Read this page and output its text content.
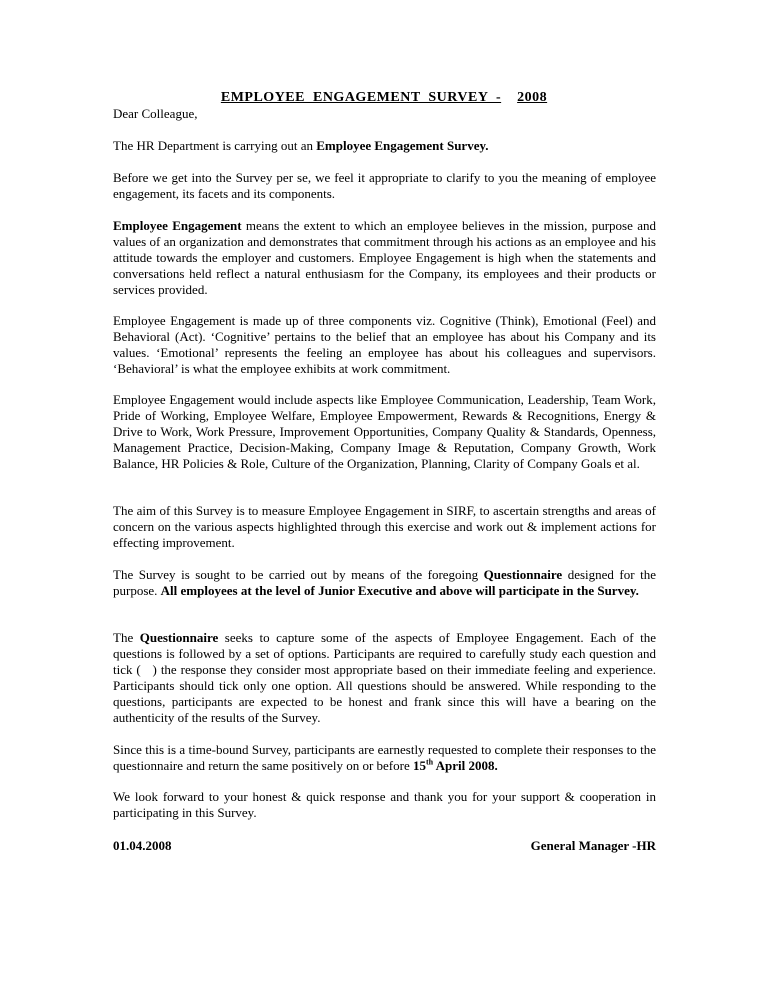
EMPLOYEE ENGAGEMENT SURVEY - 2008
Dear Colleague,
The HR Department is carrying out an Employee Engagement Survey.
Before we get into the Survey per se, we feel it appropriate to clarify to you the meaning of employee engagement, its facets and its components.
Employee Engagement means the extent to which an employee believes in the mission, purpose and values of an organization and demonstrates that commitment through his actions as an employee and his attitude towards the employer and customers. Employee Engagement is high when the statements and conversations held reflect a natural enthusiasm for the Company, its employees and their products or services provided.
Employee Engagement is made up of three components viz. Cognitive (Think), Emotional (Feel) and Behavioral (Act). ‘Cognitive’ pertains to the belief that an employee has about his Company and its values. ‘Emotional’ represents the feeling an employee has about his colleagues and supervisors. ‘Behavioral’ is what the employee exhibits at work commitment.
Employee Engagement would include aspects like Employee Communication, Leadership, Team Work, Pride of Working, Employee Welfare, Employee Empowerment, Rewards & Recognitions, Energy & Drive to Work, Work Pressure, Improvement Opportunities, Company Quality & Standards, Openness, Management Practice, Decision-Making, Company Image & Reputation, Company Growth, Work Balance, HR Policies & Role, Culture of the Organization, Planning, Clarity of Company Goals et al.
The aim of this Survey is to measure Employee Engagement in SIRF, to ascertain strengths and areas of concern on the various aspects highlighted through this exercise and work out & implement actions for effecting improvement.
The Survey is sought to be carried out by means of the foregoing Questionnaire designed for the purpose. All employees at the level of Junior Executive and above will participate in the Survey.
The Questionnaire seeks to capture some of the aspects of Employee Engagement. Each of the questions is followed by a set of options. Participants are required to carefully study each question and tick (   ) the response they consider most appropriate based on their immediate feeling and experience. Participants should tick only one option. All questions should be answered. While responding to the questions, participants are expected to be honest and frank since this will have a bearing on the authenticity of the results of the Survey.
Since this is a time-bound Survey, participants are earnestly requested to complete their responses to the questionnaire and return the same positively on or before 15th April 2008.
We look forward to your honest & quick response and thank you for your support & cooperation in participating in this Survey.
01.04.2008	General Manager -HR
